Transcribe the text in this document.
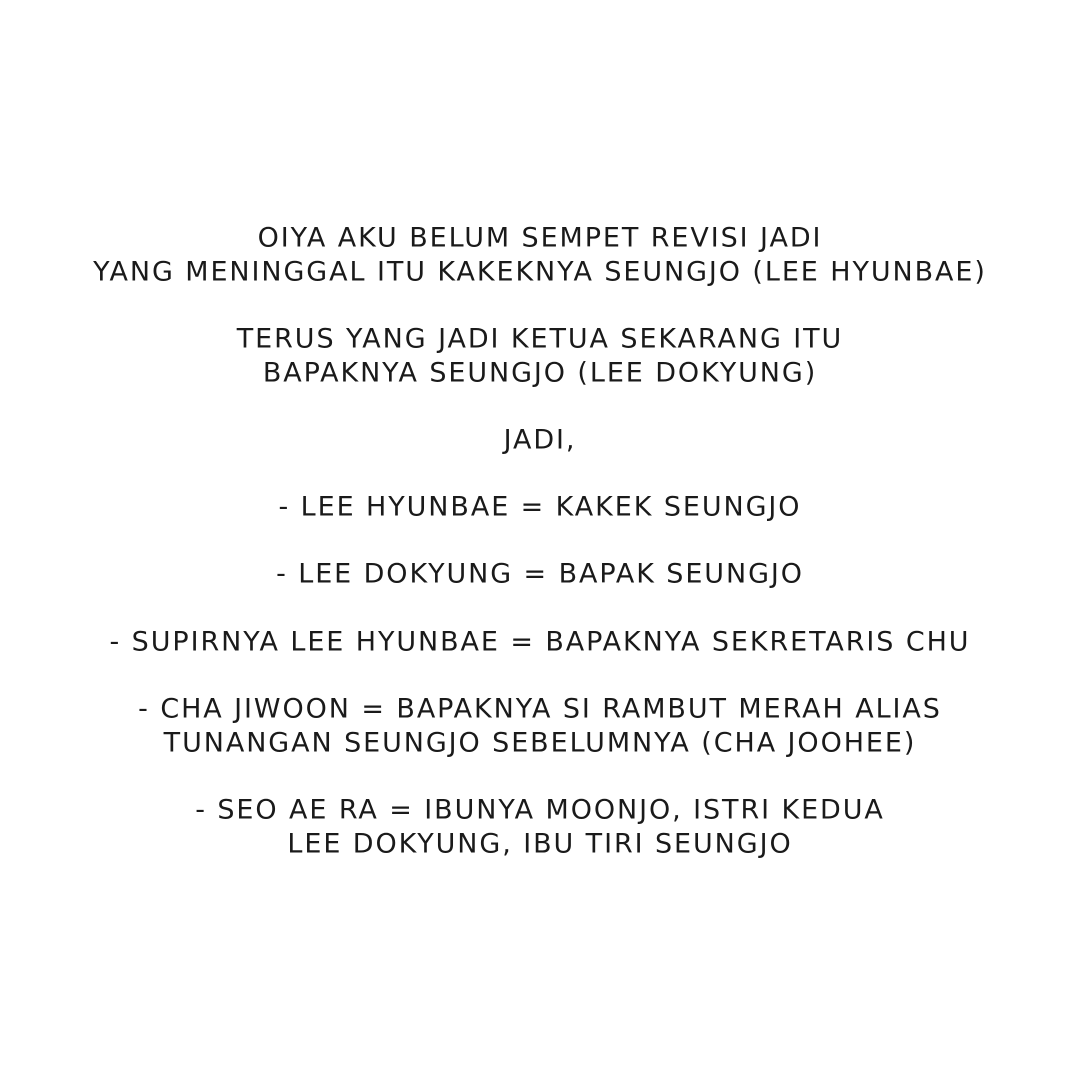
OIYA AKU BELUM SEMPET REVISI JADI
YANG MENINGGAL ITU KAKEKNYA SEUNGJO (LEE HYUNBAE)
TERUS YANG JADI KETUA SEKARANG ITU
BAPAKNYA SEUNGJO (LEE DOKYUNG)
JADI,
- LEE HYUNBAE = KAKEK SEUNGJO
- LEE DOKYUNG = BAPAK SEUNGJO
- SUPIRNYA LEE HYUNBAE = BAPAKNYA SEKRETARIS CHU
- CHA JIWOON = BAPAKNYA SI RAMBUT MERAH ALIAS
TUNANGAN SEUNGJO SEBELUMNYA (CHA JOOHEE)
- SEO AE RA = IBUNYA MOONJO, ISTRI KEDUA
LEE DOKYUNG, IBU TIRI SEUNGJO
